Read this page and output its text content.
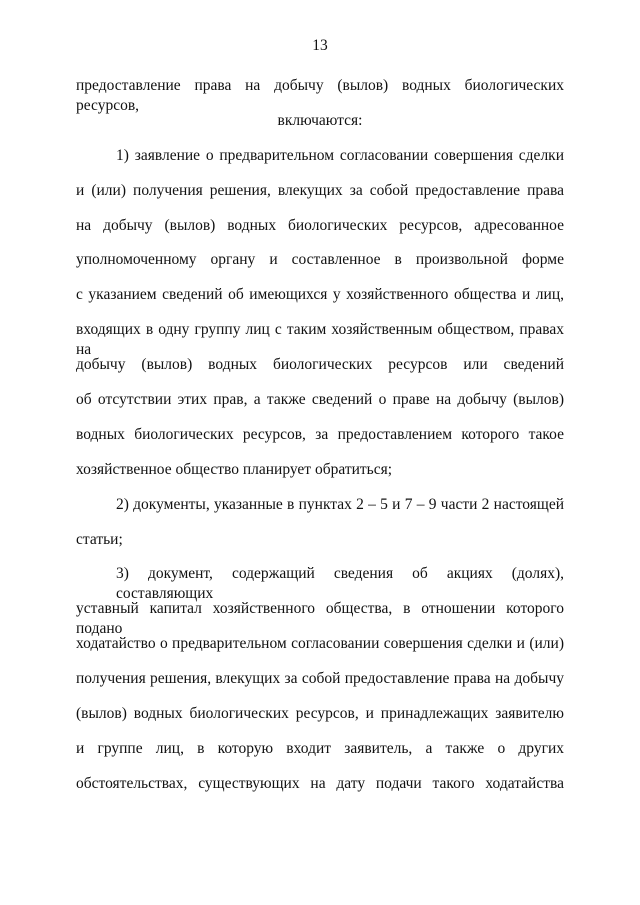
13
предоставление права на добычу (вылов) водных биологических ресурсов,
включаются:
1) заявление о предварительном согласовании совершения сделки
и (или) получения решения, влекущих за собой предоставление права
на добычу (вылов) водных биологических ресурсов, адресованное
уполномоченному органу и составленное в произвольной форме
с указанием сведений об имеющихся у хозяйственного общества и лиц,
входящих в одну группу лиц с таким хозяйственным обществом, правах на
добычу (вылов) водных биологических ресурсов или сведений
об отсутствии этих прав, а также сведений о праве на добычу (вылов)
водных биологических ресурсов, за предоставлением которого такое
хозяйственное общество планирует обратиться;
2) документы, указанные в пунктах 2 – 5 и 7 – 9 части 2 настоящей
статьи;
3) документ, содержащий сведения об акциях (долях), составляющих
уставный капитал хозяйственного общества, в отношении которого подано
ходатайство о предварительном согласовании совершения сделки и (или)
получения решения, влекущих за собой предоставление права на добычу
(вылов) водных биологических ресурсов, и принадлежащих заявителю
и группе лиц, в которую входит заявитель, а также о других
обстоятельствах, существующих на дату подачи такого ходатайства
